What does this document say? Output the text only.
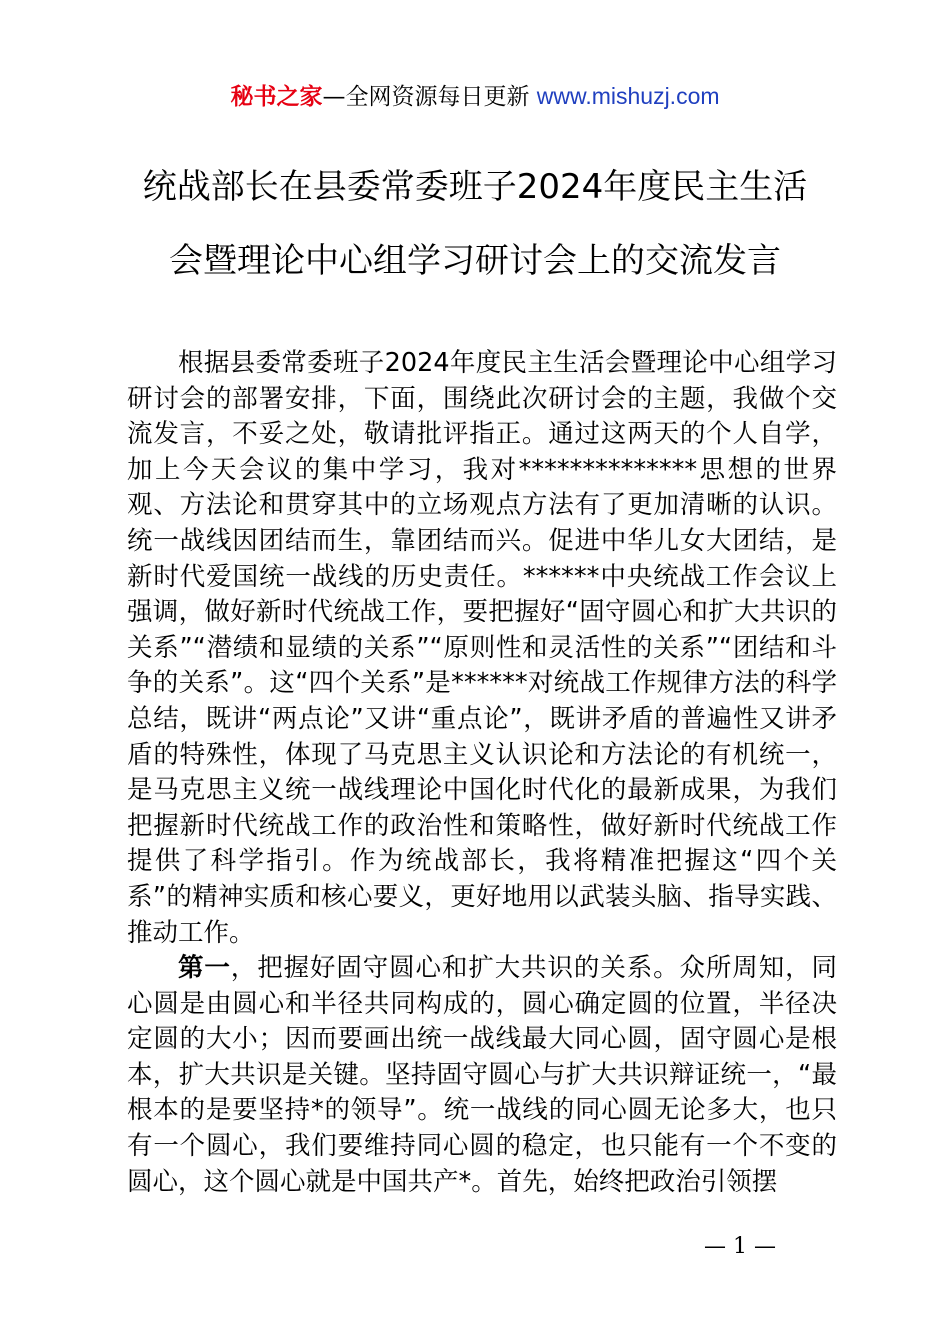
秘书之家—全网资源每日更新 www.mishuzj.com
统战部长在县委常委班子2024年度民主生活
会暨理论中心组学习研讨会上的交流发言

根据县委常委班子2024年度民主生活会暨理论中心组学习研讨会的部署安排，下面，围绕此次研讨会的主题，我做个交流发言，不妥之处，敬请批评指正。通过这两天的个人自学，加上今天会议的集中学习，我对**************思想的世界观、方法论和贯穿其中的立场观点方法有了更加清晰的认识。统一战线因团结而生，靠团结而兴。促进中华儿女大团结，是新时代爱国统一战线的历史责任。******中央统战工作会议上强调，做好新时代统战工作，要把握好“固守圆心和扩大共识的关系”“潜绩和显绩的关系”“原则性和灵活性的关系”“团结和斗争的关系”。这“四个关系”是******对统战工作规律方法的科学总结，既讲“两点论”又讲“重点论”，既讲矛盾的普遍性又讲矛盾的特殊性，体现了马克思主义认识论和方法论的有机统一，是马克思主义统一战线理论中国化时代化的最新成果，为我们把握新时代统战工作的政治性和策略性，做好新时代统战工作提供了科学指引。作为统战部长，我将精准把握这“四个关系”的精神实质和核心要义，更好地用以武装头脑、指导实践、推动工作。

第一，把握好固守圆心和扩大共识的关系。众所周知，同心圆是由圆心和半径共同构成的，圆心确定圆的位置，半径决定圆的大小；因而要画出统一战线最大同心圆，固守圆心是根本，扩大共识是关键。坚持固守圆心与扩大共识辩证统一，“最根本的是要坚持*的领导”。统一战线的同心圆无论多大，也只有一个圆心，我们要维持同心圆的稳定，也只能有一个不变的圆心，这个圆心就是中国共产*。首先，始终把政治引领摆

— 1 —
